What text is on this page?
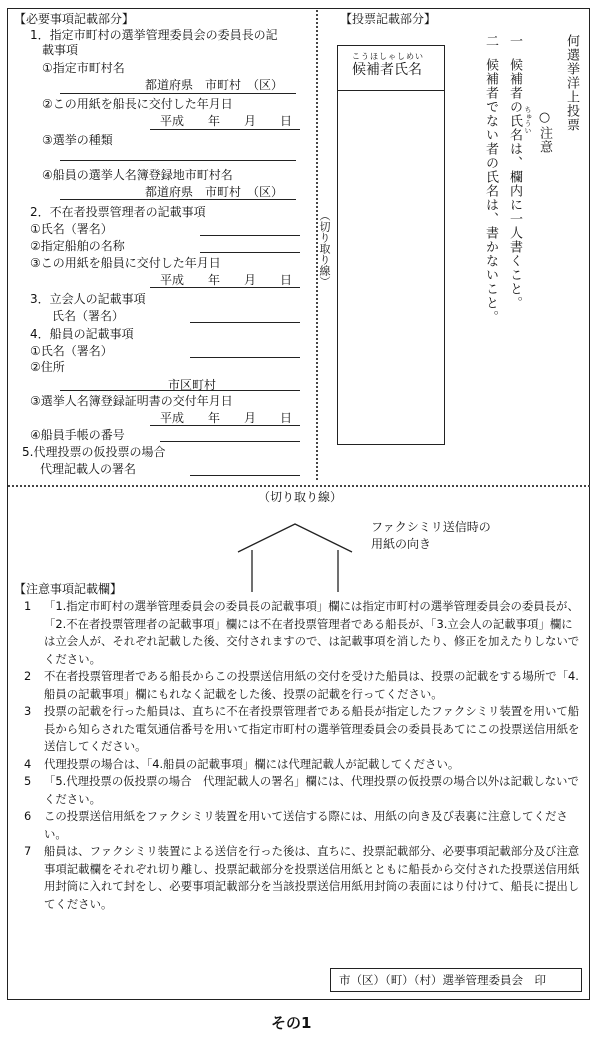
【必要事項記載部分】
1．指定市町村の選挙管理委員会の委員長の記
載事項
①指定市町村名
都道府県　市町村　（区）
②この用紙を船長に交付した年月日
平成　　年　　月　　日
③選挙の種類
④船員の選挙人名簿登録地市町村名
都道府県　市町村　（区）
2．不在者投票管理者の記載事項
①氏名（署名）
②指定船舶の名称
③この用紙を船員に交付した年月日
平成　　年　　月　　日
3．立会人の記載事項
氏名（署名）
4．船員の記載事項
①氏名（署名）
②住所
市区町村
③選挙人名簿登録証明書の交付年月日
平成　　年　　月　　日
④船員手帳の番号
5.代理投票の仮投票の場合
代理記載人の署名
（切り取り線）
【投票記載部分】
こうほしゃしめい
候補者氏名	何選挙洋上投票
○注意
ちゅうい
一
候補者の氏名は、欄内に一人書くこと。
二
候補者でない者の氏名は、書かないこと。
（切り取り線）
ファクシミリ送信時の
用紙の向き
【注意事項記載欄】
1	「1.指定市町村の選挙管理委員会の委員長の記載事項」欄には指定市町村の選挙管理委員会の委員長が、「2.不在者投票管理者の記載事項」欄には不在者投票管理者である船長が、「3.立会人の記載事項」欄には立会人が、それぞれ記載した後、交付されますので、は記載事項を消したり、修正を加えたりしないでください。
2	不在者投票管理者である船長からこの投票送信用紙の交付を受けた船員は、投票の記載をする場所で「4.船員の記載事項」欄にもれなく記載をした後、投票の記載を行ってください。
3	投票の記載を行った船員は、直ちに不在者投票管理者である船長が指定したファクシミリ装置を用いて船長から知らされた電気通信番号を用いて指定市町村の選挙管理委員会の委員長あてにこの投票送信用紙を送信してください。
4	代理投票の場合は、「4.船員の記載事項」欄には代理記載人が記載してください。
5	「5.代理投票の仮投票の場合　代理記載人の署名」欄には、代理投票の仮投票の場合以外は記載しないでください。
6	この投票送信用紙をファクシミリ装置を用いて送信する際には、用紙の向き及び表裏に注意してください。
7	船員は、ファクシミリ装置による送信を行った後は、直ちに、投票記載部分、必要事項記載部分及び注意事項記載欄をそれぞれ切り離し、投票記載部分を投票送信用紙とともに船長から交付された投票送信用紙用封筒に入れて封をし、必要事項記載部分を当該投票送信用紙用封筒の表面にはり付けて、船長に提出してください。
市（区）（町）（村）選挙管理委員会　印
その1
